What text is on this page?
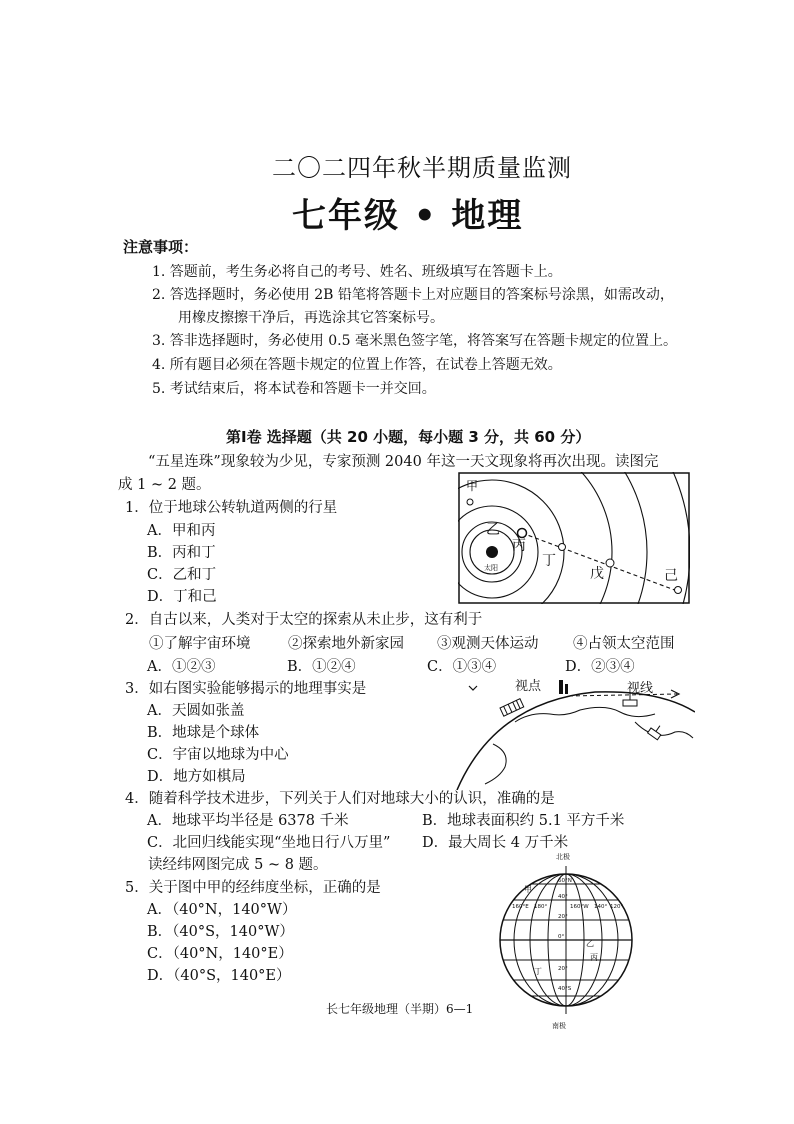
二〇二四年秋半期质量监测
七年级 • 地理
注意事项：
1. 答题前，考生务必将自己的考号、姓名、班级填写在答题卡上。
2. 答选择题时，务必使用 2B 铅笔将答题卡上对应题目的答案标号涂黑，如需改动，
用橡皮擦擦干净后，再选涂其它答案标号。
3. 答非选择题时，务必使用 0.5 毫米黑色签字笔，将答案写在答题卡规定的位置上。
4. 所有题目必须在答题卡规定的位置上作答，在试卷上答题无效。
5. 考试结束后，将本试卷和答题卡一并交回。
第Ⅰ卷 选择题（共 20 小题，每小题 3 分，共 60 分）
“五星连珠”现象较为少见，专家预测 2040 年这一天文现象将再次出现。读图完
成 1 ~ 2 题。
1．位于地球公转轨道两侧的行星
A．甲和丙
B．丙和丁
C．乙和丁
D．丁和己
太阳
甲
乙
丙
丁
戊	己
2．自古以来，人类对于太空的探索从未止步，这有利于
①了解宇宙环境	②探索地外新家园 ③观测天体运动 ④占领太空范围
A．①②③	B．①②④	C．①③④	D．②③④
3．如右图实验能够揭示的地理事实是
A．天圆如张盖
B．地球是个球体
C．宇宙以地球为中心
D．地方如棋局
视点	视线
4．随着科学技术进步，下列关于人们对地球大小的认识，准确的是
A．地球平均半径是 6378 千米	B．地球表面积约 5.1 平方千米
C．北回归线能实现“坐地日行八万里” D．最大周长 4 万千米
读经纬网图完成 5 ~ 8 题。
5．关于图中甲的经纬度坐标，正确的是
A．（40°N，140°W）
B．（40°S，140°W）
C．（40°N，140°E）
D．（40°S，140°E）
北极
南极
60°N
40°
20°
0°
20°
40°S
160°E 180°	160°W 140° 120°
甲
乙
丙
丁
长七年级地理（半期）6—1
